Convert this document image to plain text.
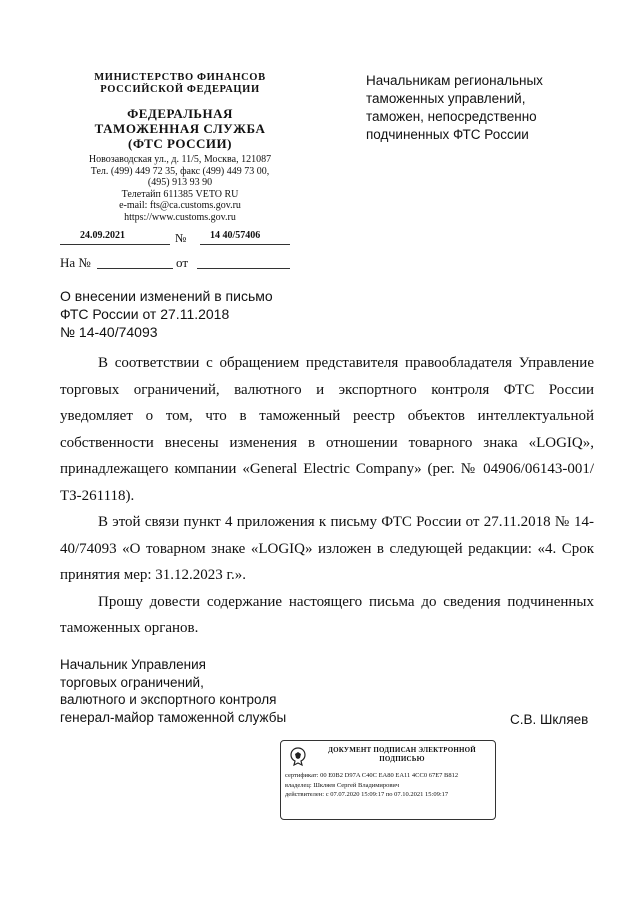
МИНИСТЕРСТВО ФИНАНСОВ
РОССИЙСКОЙ ФЕДЕРАЦИИ
ФЕДЕРАЛЬНАЯ
ТАМОЖЕННАЯ СЛУЖБА
(ФТС РОССИИ)
Новозаводская ул., д. 11/5, Москва, 121087
Тел. (499) 449 72 35, факс (499) 449 73 00,
(495) 913 93 90
Телетайп 611385 VETO RU
e-mail: fts@ca.customs.gov.ru
https://www.customs.gov.ru
24.09.2021	№ 14 40/57406
На №	от
Начальникам региональных
таможенных управлений,
таможен, непосредственно
подчиненных ФТС России
О внесении изменений в письмо
ФТС России от 27.11.2018
№ 14-40/74093

В соответствии с обращением представителя правообладателя Управление торговых ограничений, валютного и экспортного контроля ФТС России уведомляет о том, что в таможенный реестр объектов интеллектуальной собственности внесены изменения в отношении товарного знака «LOGIQ», принадлежащего компании «General Electric Company» (рег. № 04906/06143-001/ТЗ-261118).

В этой связи пункт 4 приложения к письму ФТС России от 27.11.2018 № 14-40/74093 «О товарном знаке «LOGIQ» изложен в следующей редакции: «4. Срок принятия мер: 31.12.2023 г.».

Прошу довести содержание настоящего письма до сведения подчиненных таможенных органов.

Начальник Управления
торговых ограничений,
валютного и экспортного контроля
генерал-майор таможенной службы	С.В. Шкляев
ДОКУМЕНТ ПОДПИСАН ЭЛЕКТРОННОЙ
ПОДПИСЬЮ
сертификат: 00 E0B2 D97A C40C EA80 EA11 4CC0 67E7 B812
владелец: Шкляев Сергей Владимирович
действителен: с 07.07.2020 15:09:17 по 07.10.2021 15:09:17
